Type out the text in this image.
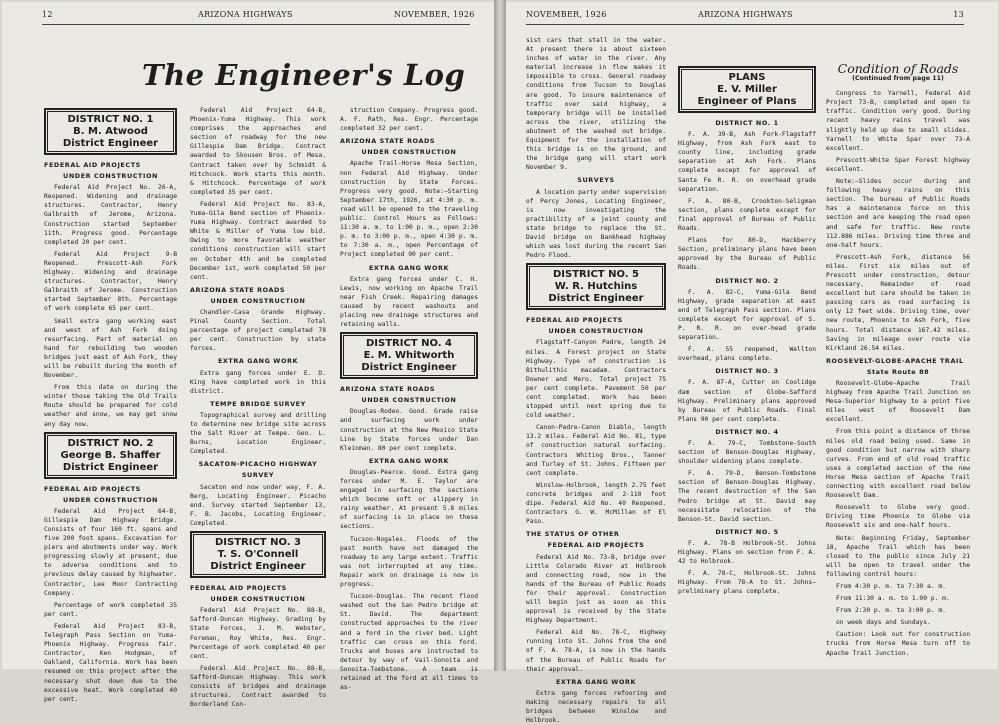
12	ARIZONA HIGHWAYS	NOVEMBER, 1926
The Engineer's Log
DISTRICT NO. 1
B. M. Atwood
District Engineer
FEDERAL AID PROJECTS
UNDER CONSTRUCTION

Federal Aid Project No. 26-A, Reopened. Widening and drainage structures. Contractor, Henry Galbraith of Jerome, Arizona. Construction started September 11th. Progress good. Percentage completed 20 per cent.

Federal Aid Project 9-B Reopened. Prescott-Ash Fork Highway. Widening and drainage structures. Contractor, Henry Galbraith of Jerome. Construction started September 8th. Percentage of work complete 65 per cent.

Small extra gang working east and west of Ash Fork doing resurfacing. Part of material on hand for rebuilding two wooden bridges just east of Ash Fork, they will be rebuilt during the month of November.

From this date on during the winter those taking the Old Trails Route should be prepared for cold weather and snow, we may get snow any day now.

DISTRICT NO. 2
George B. Shaffer
District Engineer
FEDERAL AID PROJECTS
UNDER CONSTRUCTION

Federal Aid Project 64-B, Gillespie Dam Highway Bridge. Consists of four 160 ft. spans and five 200 foot spans. Excavation for piers and abutments under way. Work progressing slowly at present, due to adverse conditions and to previous delay caused by highwater. Contractor, Lee Moor Contracting Company.

Percentage of work completed 35 per cent.

Federal Aid Project 83-B, Telegraph Pass Section on Yuma-Phoenix Highway. Progress fair. Contractor, Ken Hodgman, of Oakland, California. Work has been resumed on this project after the necessary shut down due to the excessive heat. Work completed 40 per cent.

Federal Aid Project 64-B, Phoenix-Yuma Highway. This work comprises the approaches and section of roadway for the new Gillespie Dam Bridge. Contract awarded to Skousen Bros. of Mesa. Contract taken over by Schmidt & Hitchcock. Work starts this month. & Hitchcock. Percentage of work completed 35 per cent.

Federal Aid Project No. 83-A, Yuma-Gila Bend section of Phoenix-Yuma Highway. Contract awarded to White & Miller of Yuma low bid. Owing to more favorable weather conditions construction will start on October 4th and be completed December 1st, work completed 50 per cent.

ARIZONA STATE ROADS
UNDER CONSTRUCTION

Chandler-Casa Grande Highway. Pinal County Section. Total percentage of project completed 78 per cent. Construction by state forces.

EXTRA GANG WORK

Extra gang forces under E. D. King have completed work in this district.

TEMPE BRIDGE SURVEY

Topographical survey and drilling to determine new bridge site across the Salt River at Tempe. Geo. L. Burns, Location Engineer. Completed.

SACATON-PICACHO HIGHWAY
SURVEY

Sacaton end now under way, F. A. Berg, Locating Engineer. Picacho end. Survey started September 13, F. B. Jacobs, Locating Engineer. Completed.

DISTRICT NO. 3
T. S. O'Connell
District Engineer
FEDERAL AID PROJECTS
UNDER CONSTRUCTION

Federal Aid Project No. 88-B, Safford-Duncan Highway. Grading by State Forces, J. M. Webster, Foreman, Roy White, Res. Engr. Percentage of work completed 40 per cent.

Federal Aid Project No. 88-B, Safford-Duncan Highway. This work consists of bridges and drainage structures. Contract awarded to Borderland Con-

struction Company. Progress good. A. F. Rath, Res. Engr. Percentage completed 32 per cent.

ARIZONA STATE ROADS
UNDER CONSTRUCTION

Apache Trail-Horse Mesa Section, non Federal Aid Highway. Under construction by State Forces. Progress very good. Note:—Starting September 17th, 1926, at 4:30 p. m. road will be opened to the traveling public. Control Hours as Follows: 11:30 a. m. to 1:00 p. m., open 2:30 p. m. to 3:00 p. m., open 4:30 p. m. to 7:30 a. m., open Percentage of Project completed 90 per cent.

EXTRA GANG WORK

Extra gang forces under C. H. Lewis, now working on Apache Trail near Fish Creek. Repairing damages caused by recent washouts and placing new drainage structures and retaining walls.

DISTRICT NO. 4
E. M. Whitworth
District Engineer
ARIZONA STATE ROADS
UNDER CONSTRUCTION

Douglas-Rodeo. Good. Grade raise and surfacing work under construction at the New Mexico State Line by State forces under Dan Kleinman. 80 per cent complete.

EXTRA GANG WORK

Douglas-Pearce. Good. Extra gang forces under M. E. Taylor are engaged in surfacing the sections which become soft or slippery in rainy weather. At present 5.8 miles of surfacing is in place on these sections.

Tucson-Nogales. Floods of the past month have not damaged the roadway to any large extent. Traffic was not interrupted at any time. Repair work on drainage is now in progress.

Tucson-Douglas. The recent flood washed out the San Pedro bridge at St. David. The department constructed approaches to the river and a ford in the river bed. Light traffic can cross on this ford. Trucks and buses are instructed to detour by way of Vail-Sonoita and Sonoita-Tombstone. A team is retained at the ford at all times to as-

NOVEMBER, 1926	ARIZONA HIGHWAYS	13

sist cars that stall in the water. At present there is about sixteen inches of water in the river. Any material increase in flow makes it impossible to cross. General roadway conditions from Tucson to Douglas are good. To insure maintenance of traffic over said highway, a temporary bridge will be installed across the river, utilizing the abutment of the washed out bridge. Equipment for the installation of this bridge is on the ground, and the bridge gang will start work November 9.

SURVEYS

A location party under supervision of Percy Jones, Locating Engineer, is now investigating the practibility of a joint county and state bridge to replace the St. David bridge on Bankhead highway which was lost during the recent San Pedro Flood.

DISTRICT NO. 5
W. R. Hutchins
District Engineer
FEDERAL AID PROJECTS
UNDER CONSTRUCTION

Flagstaff-Canyon Padre, length 24 miles. A Forest project on State Highway. Type of construction is Bithulithic macadam. Contractors Downer and Mero. Total project 75 per cent complete. Pavement 50 per cent completed. Work has been stopped until next spring due to cold weather.

Canon-Padre-Canon Diablo, length 13.2 miles. Federal Aid No. 81, type of construction natural surfacing. Contractors Whiting Bros., Tanner and Turley of St. Johns. Fifteen per cent complete.

Winslow-Holbrook, length 2.75 feet concrete bridges and 2-110 foot dipe. Federal Aid No. 40 Reopened. Contractors G. W. McMillan of El Paso.

THE STATUS OF OTHER
FEDERAL AID PROJECTS

Federal Aid No. 73-B, bridge over Little Colorado River at Holbrook and connecting road, now in the hands of the Bureau of Public Roads for their approval. Construction will begin just as soon as this approval is received by the State Highway Department.

Federal Aid No. 78-C, Highway running into St. Johns from the end of F. A. 78-A, is now in the hands of the Bureau of Public Roads for their approval.

EXTRA GANG WORK

Extra gang forces refooring and making necessary repairs to all bridges between Winslow and Holbrook.

PLANS
E. V. Miller
Engineer of Plans
DISTRICT NO. 1

F. A. 39-B, Ash Fork-Flagstaff Highway, from Ash Fork east to county line, including grade separation at Ash Fork. Plans complete except for approval of Santa Fe R. R. on overhead grade separation.

F. A. 80-B, Crookton-Seligman section, plans complete except for final approval of Bureau of Public Roads.

Plans for 80-D, Hackberry Section, preliminary plans have been approved by the Bureau of Public Roads.

DISTRICT NO. 2

F. A. 82-C, Yuma-Gila Bend Highway, grade separation at east end of Telegraph Pass section. Plans complete except for approval of S. P. R. R. on over-head grade separation.

F. A. 55 reopened, Wellton overhead, plans complete.

DISTRICT NO. 3

F. A. 87-A, Cutter on Coolidge dam section of Globe-Safford Highway. Preliminary plans approved by Bureau of Public Roads. Final Plans 90 per cent complete.

DISTRICT NO. 4

F. A. 79-C, Tombstone-South section of Benson-Douglas Highway, shoulder widening plans complete.

F. A. 79-D, Benson-Tombstone section of Benson-Douglas Highway. The recent destruction of the San Pedro bridge at St. David may necessitate relocation of the Benson-St. David section.

DISTRICT NO. 5

F. A. 78-B Holbrook-St. Johns Highway. Plans on section from F. A. 42 to Holbrook.

F. A. 78-C, Holbrook-St. Johns Highway. From 78-A to St. Johns—preliminary plans complete.

Condition of Roads
(Continued from page 11)

Congress to Yarnell, Federal Aid Project 73-B, completed and open to traffic. Condition very good. During recent heavy rains travel was slightly held up due to small slides. Yarnell to White Spar over 73-A excellent.

Prescott-White Spar Forest highway excellent.

Note:—Slides occur during and following heavy rains on this section. The bureau of Public Roads has a maintenance force on this section and are keeping the road open and safe for traffic. New route 112.886 miles. Driving time three and one-half hours.

Prescott-Ash Fork, distance 56 miles. First six miles out of Prescott under construction, detour necessary. Remainder of road excellent but care should be taken in passing cars as road surfacing is only 12 feet wide. Driving time, over new route, Phoenix to Ash Fork, five hours. Total distance 167.42 miles. Saving in mileage over route via Kirkland 26.54 miles.

ROOSEVELT-GLOBE-APACHE TRAIL
State Route 88

Roosevelt-Globe-Apache Trail highway from Apache Trail Junction on Mesa-Superior highway to a point five miles west of Roosevelt Dam excellent.

From this point a distance of three miles old road being used. Same in good condition but narrow with sharp curves. From end of old road traffic uses a completed section of the new Horse Mesa section of Apache Trail connecting with excellent road below Roosevelt Dam.

Roosevelt to Globe very good. Driving time Phoenix to Globe via Roosevelt six and one-half hours.

Note: Beginning Friday, September 18, Apache Trail which has been closed to the public since July 21 will be open to travel under the following control hours:

From 4:30 p. m. to 7:30 a. m.

From 11:30 a. m. to 1.00 p. m.

From 2:30 p. m. to 3:00 p. m.

on week days and Sundays.

Caution: Look out for construction trucks from Horse Mesa turn off to Apache Trail Junction.
